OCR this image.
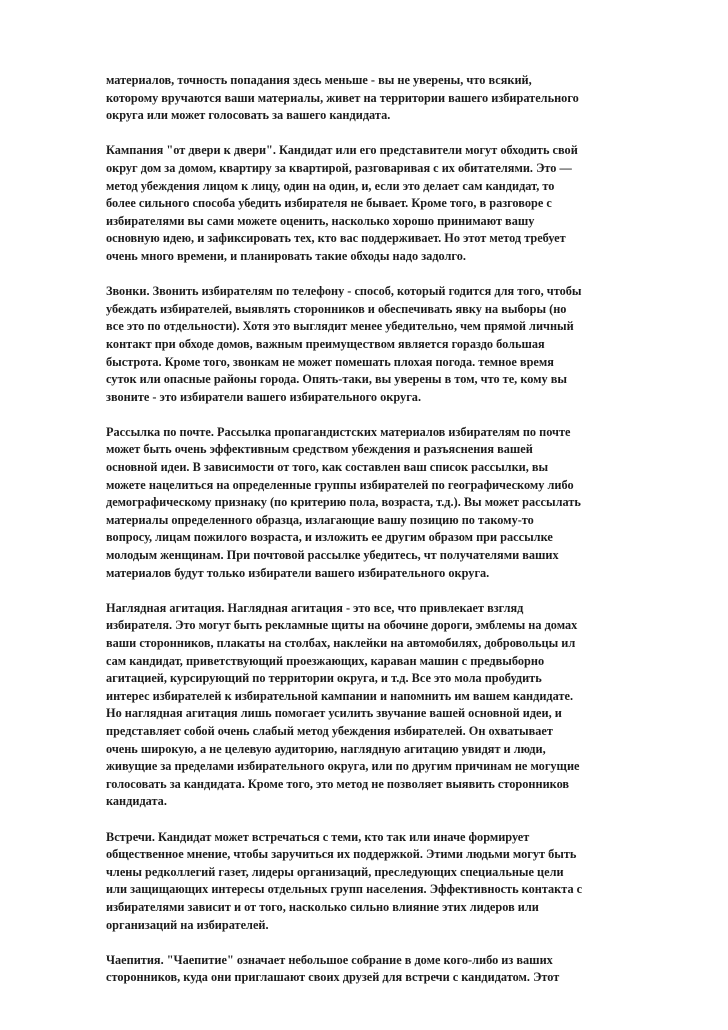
материалов, точность попадания здесь меньше - вы не уверены, что всякий,
которому вручаются ваши материалы, живет на территории вашего избирательного
округа или может голосовать за вашего кандидата.

Кампания "от двери к двери". Кандидат или его представители могут обходить свой
округ дом за домом, квартиру за квартирой, разговаривая с их обитателями. Это —
метод убеждения лицом к лицу, один на один, и, если это делает сам кандидат, то
более сильного способа убедить избирателя не бывает. Кроме того, в разговоре с
избирателями вы сами можете оценить, насколько хорошо принимают вашу
основную идею, и зафиксировать тех, кто вас поддерживает. Но этот метод требует
очень много времени, и планировать такие обходы надо задолго.

Звонки. Звонить избирателям по телефону - способ, который годится для того, чтобы
убеждать избирателей, выявлять сторонников и обеспечивать явку на выборы (но
все это по отдельности). Хотя это выглядит менее убедительно, чем прямой личный
контакт при обходе домов, важным преимуществом является гораздо большая
быстрота. Кроме того, звонкам не может помешать плохая погода. темное время
суток или опасные районы города. Опять-таки, вы уверены в том, что те, кому вы
звоните - это избиратели вашего избирательного округа.

Рассылка по почте. Рассылка пропагандистских материалов избирателям по почте
может быть очень эффективным средством убеждения и разъяснения вашей
основной идеи. В зависимости от того, как составлен ваш список рассылки, вы
можете нацелиться на определенные группы избирателей по географическому либо
демографическому признаку (по критерию пола, возраста, т.д.). Вы может рассылать
материалы определенного образца, излагающие вашу позицию по такому-то
вопросу, лицам пожилого возраста, и изложить ее другим образом при рассылке
молодым женщинам. При почтовой рассылке убедитесь, чт получателями ваших
материалов будут только избиратели вашего избирательного округа.

Наглядная агитация. Наглядная агитация - это все, что привлекает взгляд
избирателя. Это могут быть рекламные щиты на обочине дороги, эмблемы на домах
ваши сторонников, плакаты на столбах, наклейки на автомобилях, добровольцы ил
сам кандидат, приветствующий проезжающих, караван машин с предвыборно
агитацией, курсирующий по территории округа, и т.д. Все это мола пробудить
интерес избирателей к избирательной кампании и напомнить им вашем кандидате.
Но наглядная агитация лишь помогает усилить звучание вашей основной идеи, и
представляет собой очень слабый метод убеждения избирателей. Он охватывает
очень широкую, а не целевую аудиторию, наглядную агитацию увидят и люди,
живущие за пределами избирательного округа, или по другим причинам не могущие
голосовать за кандидата. Кроме того, это метод не позволяет выявить сторонников
кандидата.

Встречи. Кандидат может встречаться с теми, кто так или иначе формирует
общественное мнение, чтобы заручиться их поддержкой. Этими людьми могут быть
члены редколлегий газет, лидеры организаций, преследующих специальные цели
или защищающих интересы отдельных групп населения. Эффективность контакта с
избирателями зависит и от того, насколько сильно влияние этих лидеров или
организаций на избирателей.

Чаепития. "Чаепитие" означает небольшое собрание в доме кого-либо из ваших
сторонников, куда они приглашают своих друзей для встречи с кандидатом. Этот
